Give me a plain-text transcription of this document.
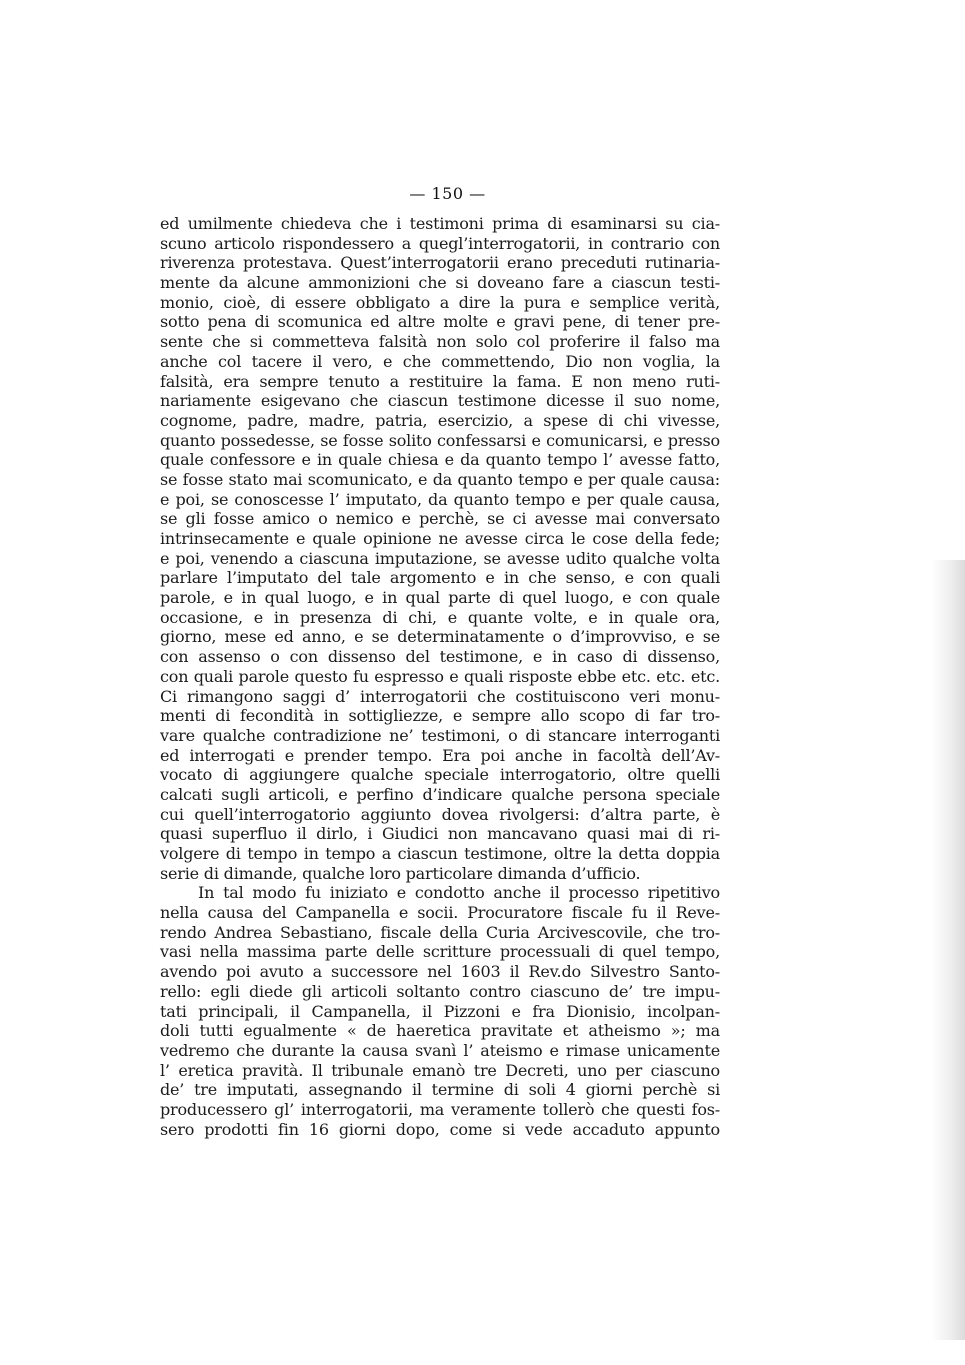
— 150 —
ed umilmente chiedeva che i testimoni prima di esaminarsi su cia-
scuno articolo rispondessero a quegl’interrogatorii, in contrario con
riverenza protestava. Quest’interrogatorii erano preceduti rutinaria-
mente da alcune ammonizioni che si doveano fare a ciascun testi-
monio, cioè, di essere obbligato a dire la pura e semplice verità,
sotto pena di scomunica ed altre molte e gravi pene, di tener pre-
sente che si commetteva falsità non solo col proferire il falso ma
anche col tacere il vero, e che commettendo, Dio non voglia, la
falsità, era sempre tenuto a restituire la fama. E non meno ruti-
nariamente esigevano che ciascun testimone dicesse il suo nome,
cognome, padre, madre, patria, esercizio, a spese di chi vivesse,
quanto possedesse, se fosse solito confessarsi e comunicarsi, e presso
quale confessore e in quale chiesa e da quanto tempo l’ avesse fatto,
se fosse stato mai scomunicato, e da quanto tempo e per quale causa:
e poi, se conoscesse l’ imputato, da quanto tempo e per quale causa,
se gli fosse amico o nemico e perchè, se ci avesse mai conversato
intrinsecamente e quale opinione ne avesse circa le cose della fede;
e poi, venendo a ciascuna imputazione, se avesse udito qualche volta
parlare l’imputato del tale argomento e in che senso, e con quali
parole, e in qual luogo, e in qual parte di quel luogo, e con quale
occasione, e in presenza di chi, e quante volte, e in quale ora,
giorno, mese ed anno, e se determinatamente o d’improvviso, e se
con assenso o con dissenso del testimone, e in caso di dissenso,
con quali parole questo fu espresso e quali risposte ebbe etc. etc. etc.
Ci rimangono saggi d’ interrogatorii che costituiscono veri monu-
menti di fecondità in sottigliezze, e sempre allo scopo di far tro-
vare qualche contradizione ne’ testimoni, o di stancare interroganti
ed interrogati e prender tempo. Era poi anche in facoltà dell’Av-
vocato di aggiungere qualche speciale interrogatorio, oltre quelli
calcati sugli articoli, e perfino d’indicare qualche persona speciale
cui quell’interrogatorio aggiunto dovea rivolgersi: d’altra parte, è
quasi superfluo il dirlo, i Giudici non mancavano quasi mai di ri-
volgere di tempo in tempo a ciascun testimone, oltre la detta doppia
serie di dimande, qualche loro particolare dimanda d’ufficio.
In tal modo fu iniziato e condotto anche il processo ripetitivo
nella causa del Campanella e socii. Procuratore fiscale fu il Reve-
rendo Andrea Sebastiano, fiscale della Curia Arcivescovile, che tro-
vasi nella massima parte delle scritture processuali di quel tempo,
avendo poi avuto a successore nel 1603 il Rev.do Silvestro Santo-
rello: egli diede gli articoli soltanto contro ciascuno de’ tre impu-
tati principali, il Campanella, il Pizzoni e fra Dionisio, incolpan-
doli tutti egualmente « de haeretica pravitate et atheismo »; ma
vedremo che durante la causa svanì l’ ateismo e rimase unicamente
l’ eretica pravità. Il tribunale emanò tre Decreti, uno per ciascuno
de’ tre imputati, assegnando il termine di soli 4 giorni perchè si
producessero gl’ interrogatorii, ma veramente tollerò che questi fos-
sero prodotti fin 16 giorni dopo, come si vede accaduto appunto
